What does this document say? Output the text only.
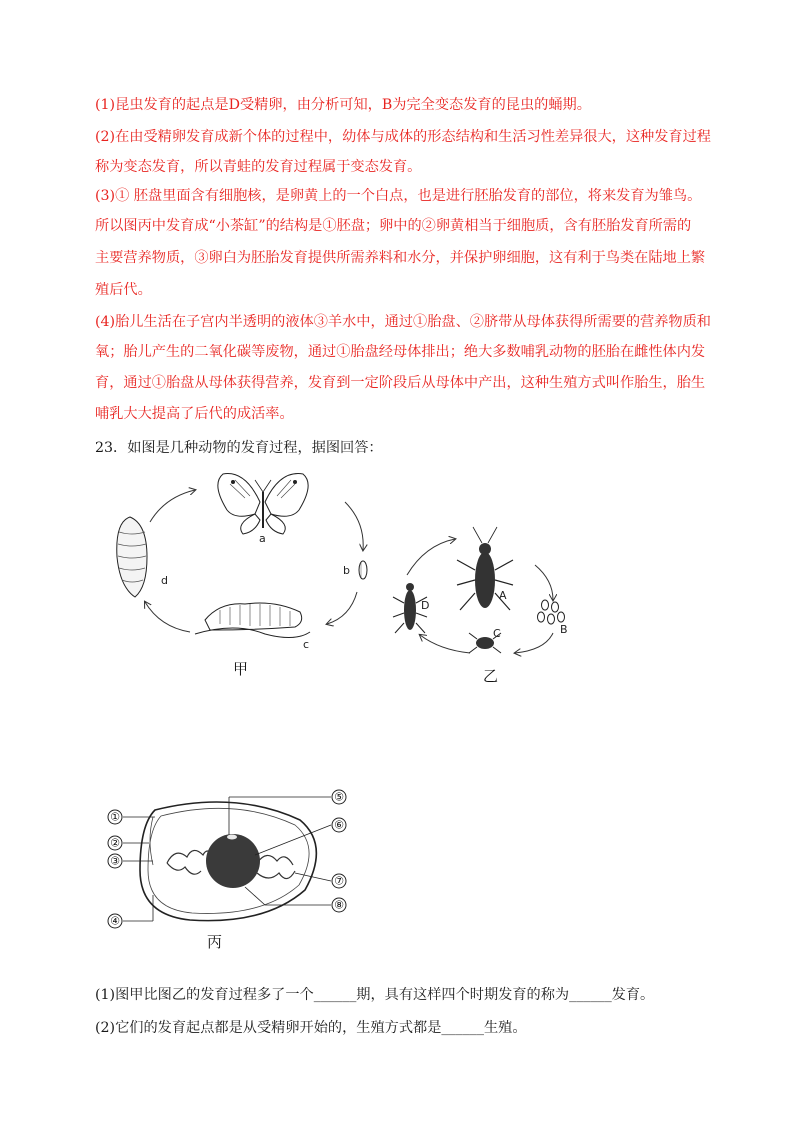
(1)昆虫发育的起点是D受精卵，由分析可知，B为完全变态发育的昆虫的蛹期。
(2)在由受精卵发育成新个体的过程中，幼体与成体的形态结构和生活习性差异很大，这种发育过程
称为变态发育，所以青蛙的发育过程属于变态发育。
(3)① 胚盘里面含有细胞核，是卵黄上的一个白点，也是进行胚胎发育的部位，将来发育为雏鸟。
所以图丙中发育成“小茶缸”的结构是①胚盘；卵中的②卵黄相当于细胞质，含有胚胎发育所需的
主要营养物质，③卵白为胚胎发育提供所需养料和水分，并保护卵细胞，这有利于鸟类在陆地上繁
殖后代。
(4)胎儿生活在子宫内半透明的液体③羊水中，通过①胎盘、②脐带从母体获得所需要的营养物质和
氧；胎儿产生的二氧化碳等废物，通过①胎盘经母体排出；绝大多数哺乳动物的胚胎在雌性体内发
育，通过①胎盘从母体获得营养，发育到一定阶段后从母体中产出，这种生殖方式叫作胎生，胎生
哺乳大大提高了后代的成活率。
23．如图是几种动物的发育过程，据图回答：
a
b
c
d
甲
A
B
C
D
乙
①
②
③
④
⑤
⑥
⑦
⑧
丙
(1)图甲比图乙的发育过程多了一个______期，具有这样四个时期发育的称为______发育。
(2)它们的发育起点都是从受精卵开始的，生殖方式都是______生殖。
